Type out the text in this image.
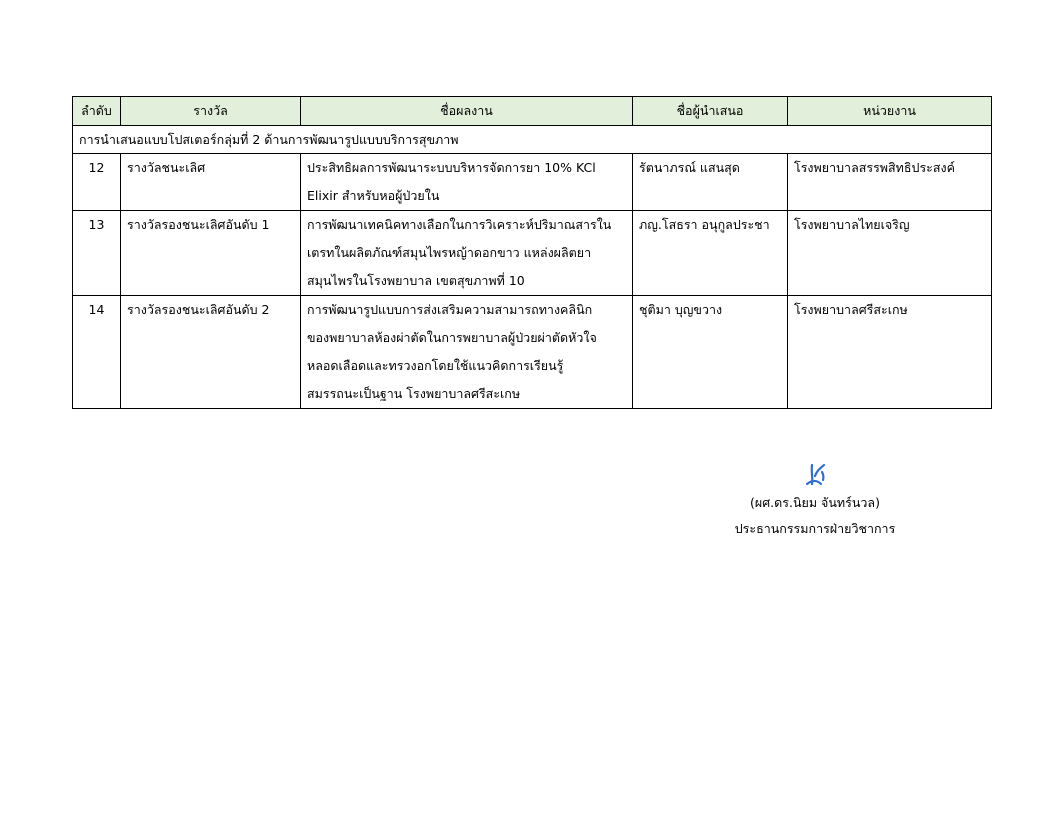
ลำดับ	รางวัล	ชื่อผลงาน	ชื่อผู้นำเสนอ	หน่วยงาน
การนำเสนอแบบโปสเตอร์กลุ่มที่ 2 ด้านการพัฒนารูปแบบบริการสุขภาพ				
12	รางวัลชนะเลิศ	ประสิทธิผลการพัฒนาระบบบริหารจัดการยา 10% KCl
Elixir สำหรับหอผู้ป่วยใน	รัตนาภรณ์ แสนสุด	โรงพยาบาลสรรพสิทธิประสงค์
13	รางวัลรองชนะเลิศอันดับ 1	การพัฒนาเทคนิคทางเลือกในการวิเคราะห์ปริมาณสารใน
เตรทในผลิตภัณฑ์สมุนไพรหญ้าดอกขาว แหล่งผลิตยา
สมุนไพรในโรงพยาบาล เขตสุขภาพที่ 10	ภญ.โสธรา อนุกูลประชา	โรงพยาบาลไทยเจริญ
14	รางวัลรองชนะเลิศอันดับ 2	การพัฒนารูปแบบการส่งเสริมความสามารถทางคลินิก
ของพยาบาลห้องผ่าตัดในการพยาบาลผู้ป่วยผ่าตัดหัวใจ
หลอดเลือดและทรวงอกโดยใช้แนวคิดการเรียนรู้
สมรรถนะเป็นฐาน โรงพยาบาลศรีสะเกษ	ชุติมา บุญขวาง	โรงพยาบาลศรีสะเกษ
(ผศ.ดร.นิยม จันทร์นวล)
ประธานกรรมการฝ่ายวิชาการ
